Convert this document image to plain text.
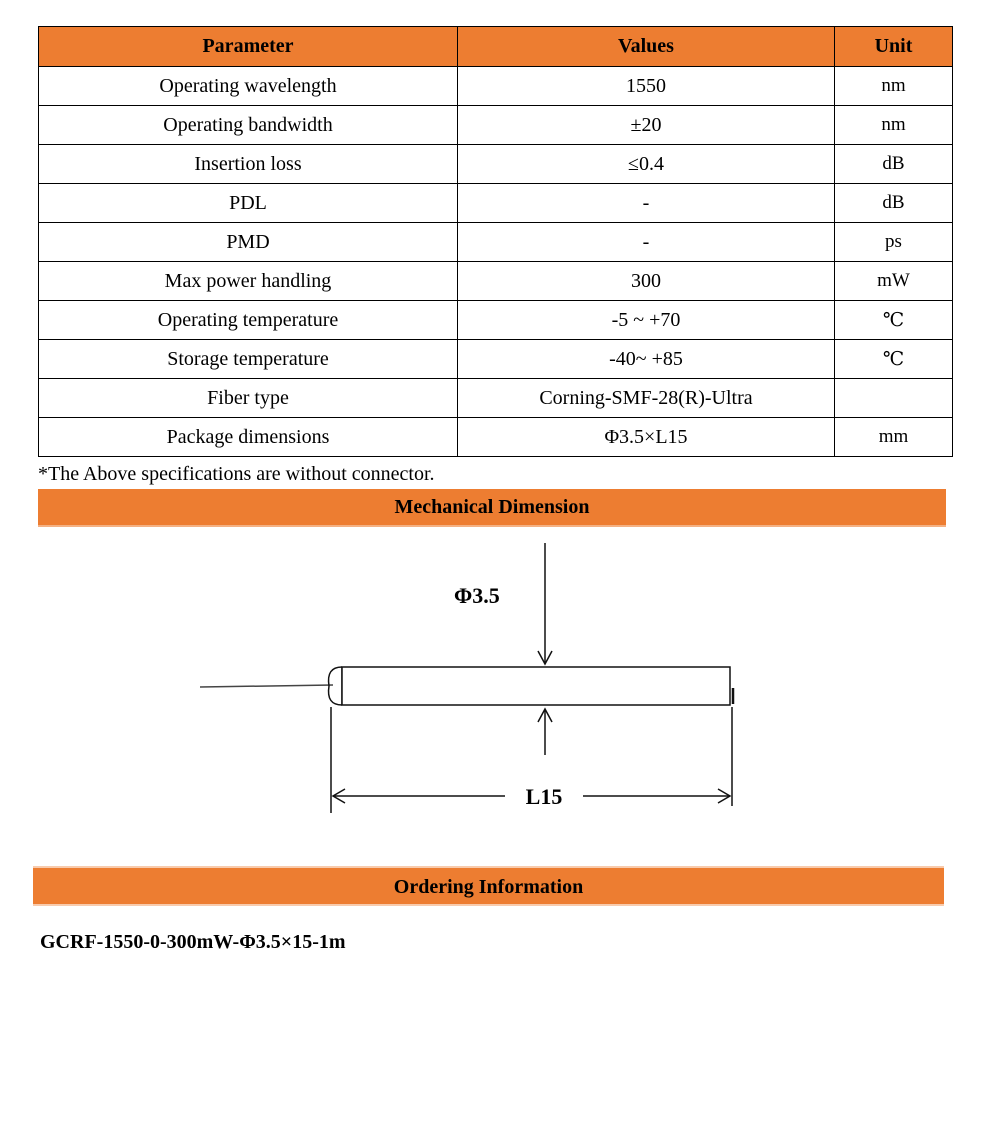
Parameter	Values	Unit
Operating wavelength	1550	nm
Operating bandwidth	±20	nm
Insertion loss	≤0.4	dB
PDL	-	dB
PMD	-	ps
Max power handling	300	mW
Operating temperature	-5 ~ +70	℃
Storage temperature	-40~ +85	℃
Fiber type	Corning-SMF-28(R)-Ultra	
Package dimensions	Φ3.5×L15	mm
*The Above specifications are without connector.
Mechanical Dimension
Φ3.5
L15
Ordering Information
GCRF-1550-0-300mW-Φ3.5×15-1m
